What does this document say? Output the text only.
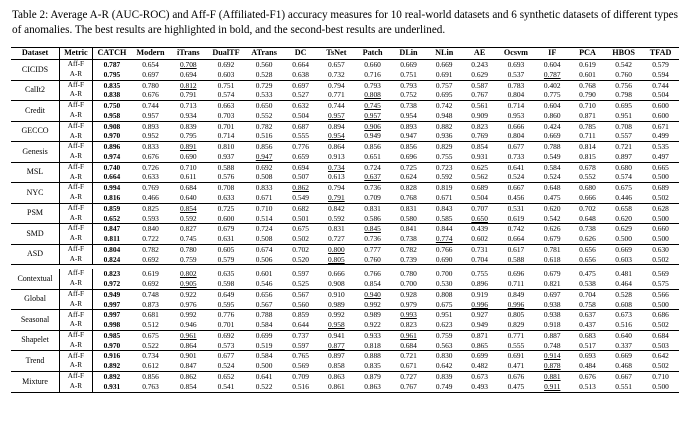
Table 2: Average A-R (AUC-ROC) and Aff-F (Affiliated-F1) accuracy measures for 10 real-world datasets and 6 synthetic datasets of different types of anomalies. The best results are highlighted in bold, and the second-best results are underlined.

Dataset	Metric	CATCH	Modern	iTrans	DualTF	ATrans	DC	TsNet	Patch	DLin	NLin	AE	Ocsvm	IF	PCA	HBOS	TFAD
CICIDS	Aff-F	0.787	0.654	0.708	0.692	0.560	0.664	0.657	0.660	0.669	0.669	0.243	0.693	0.604	0.619	0.542	0.579
	A-R	0.795	0.697	0.694	0.603	0.528	0.638	0.732	0.716	0.751	0.691	0.629	0.537	0.787	0.601	0.760	0.594
CalIt2	Aff-F	0.835	0.780	0.812	0.751	0.729	0.697	0.794	0.793	0.793	0.757	0.587	0.783	0.402	0.768	0.756	0.744
	A-R	0.838	0.676	0.791	0.574	0.533	0.527	0.771	0.808	0.752	0.695	0.767	0.804	0.775	0.790	0.798	0.504
Credit	Aff-F	0.750	0.744	0.713	0.663	0.650	0.632	0.744	0.745	0.738	0.742	0.561	0.714	0.604	0.710	0.695	0.600
	A-R	0.958	0.957	0.934	0.703	0.552	0.504	0.957	0.957	0.954	0.948	0.909	0.953	0.860	0.871	0.951	0.600
GECCO	Aff-F	0.908	0.893	0.839	0.701	0.782	0.687	0.894	0.906	0.893	0.882	0.823	0.666	0.424	0.785	0.708	0.671
	A-R	0.970	0.952	0.795	0.714	0.516	0.555	0.954	0.949	0.947	0.936	0.769	0.804	0.669	0.711	0.557	0.499
Genesis	Aff-F	0.896	0.833	0.891	0.810	0.856	0.776	0.864	0.856	0.856	0.829	0.854	0.677	0.788	0.814	0.721	0.535
	A-R	0.974	0.676	0.690	0.937	0.947	0.659	0.913	0.651	0.696	0.755	0.931	0.733	0.549	0.815	0.897	0.497
MSL	Aff-F	0.740	0.726	0.710	0.588	0.692	0.694	0.734	0.724	0.725	0.723	0.625	0.641	0.584	0.678	0.680	0.665
	A-R	0.664	0.633	0.611	0.576	0.508	0.507	0.613	0.637	0.624	0.592	0.562	0.524	0.524	0.552	0.574	0.500
NYC	Aff-F	0.994	0.769	0.684	0.708	0.833	0.862	0.794	0.736	0.828	0.819	0.689	0.667	0.648	0.680	0.675	0.689
	A-R	0.816	0.466	0.640	0.633	0.671	0.549	0.791	0.709	0.768	0.671	0.504	0.456	0.475	0.666	0.446	0.502
PSM	Aff-F	0.859	0.825	0.854	0.725	0.710	0.682	0.842	0.831	0.831	0.843	0.707	0.531	0.620	0.702	0.658	0.628
	A-R	0.652	0.593	0.592	0.600	0.514	0.501	0.592	0.586	0.580	0.585	0.650	0.619	0.542	0.648	0.620	0.500
SMD	Aff-F	0.847	0.840	0.827	0.679	0.724	0.675	0.831	0.845	0.841	0.844	0.439	0.742	0.626	0.738	0.629	0.660
	A-R	0.811	0.722	0.745	0.631	0.508	0.502	0.727	0.736	0.738	0.774	0.602	0.664	0.679	0.626	0.500	0.500
ASD	Aff-F	0.804	0.782	0.780	0.605	0.674	0.702	0.800	0.777	0.782	0.766	0.731	0.617	0.781	0.656	0.669	0.630
	A-R	0.824	0.692	0.759	0.579	0.506	0.520	0.805	0.760	0.739	0.690	0.704	0.588	0.618	0.656	0.603	0.502

Contextual	Aff-F	0.823	0.619	0.802	0.635	0.601	0.597	0.666	0.766	0.780	0.700	0.755	0.696	0.679	0.475	0.481	0.569
	A-R	0.972	0.692	0.905	0.598	0.546	0.525	0.908	0.854	0.700	0.530	0.896	0.711	0.821	0.538	0.464	0.575
Global	Aff-F	0.949	0.748	0.922	0.649	0.656	0.567	0.910	0.940	0.928	0.808	0.919	0.849	0.697	0.704	0.528	0.566
	A-R	0.997	0.873	0.976	0.595	0.567	0.560	0.989	0.992	0.979	0.675	0.996	0.996	0.938	0.758	0.608	0.500
Seasonal	Aff-F	0.997	0.681	0.992	0.776	0.788	0.859	0.992	0.989	0.993	0.951	0.927	0.805	0.938	0.637	0.673	0.686
	A-R	0.998	0.512	0.946	0.701	0.584	0.644	0.958	0.922	0.823	0.623	0.949	0.829	0.918	0.437	0.516	0.502
Shapelet	Aff-F	0.985	0.675	0.961	0.692	0.699	0.737	0.941	0.933	0.961	0.759	0.871	0.771	0.887	0.683	0.640	0.684
	A-R	0.970	0.522	0.864	0.573	0.519	0.597	0.877	0.818	0.684	0.563	0.865	0.555	0.748	0.517	0.337	0.503
Trend	Aff-F	0.916	0.734	0.901	0.677	0.584	0.765	0.897	0.888	0.721	0.830	0.699	0.691	0.914	0.693	0.669	0.642
	A-R	0.892	0.612	0.847	0.524	0.500	0.569	0.858	0.835	0.671	0.642	0.482	0.471	0.878	0.484	0.468	0.502
Mixture	Aff-F	0.892	0.856	0.862	0.652	0.641	0.709	0.863	0.879	0.727	0.839	0.673	0.676	0.881	0.676	0.667	0.710
	A-R	0.931	0.763	0.854	0.541	0.522	0.516	0.861	0.863	0.767	0.749	0.493	0.475	0.911	0.513	0.551	0.500
